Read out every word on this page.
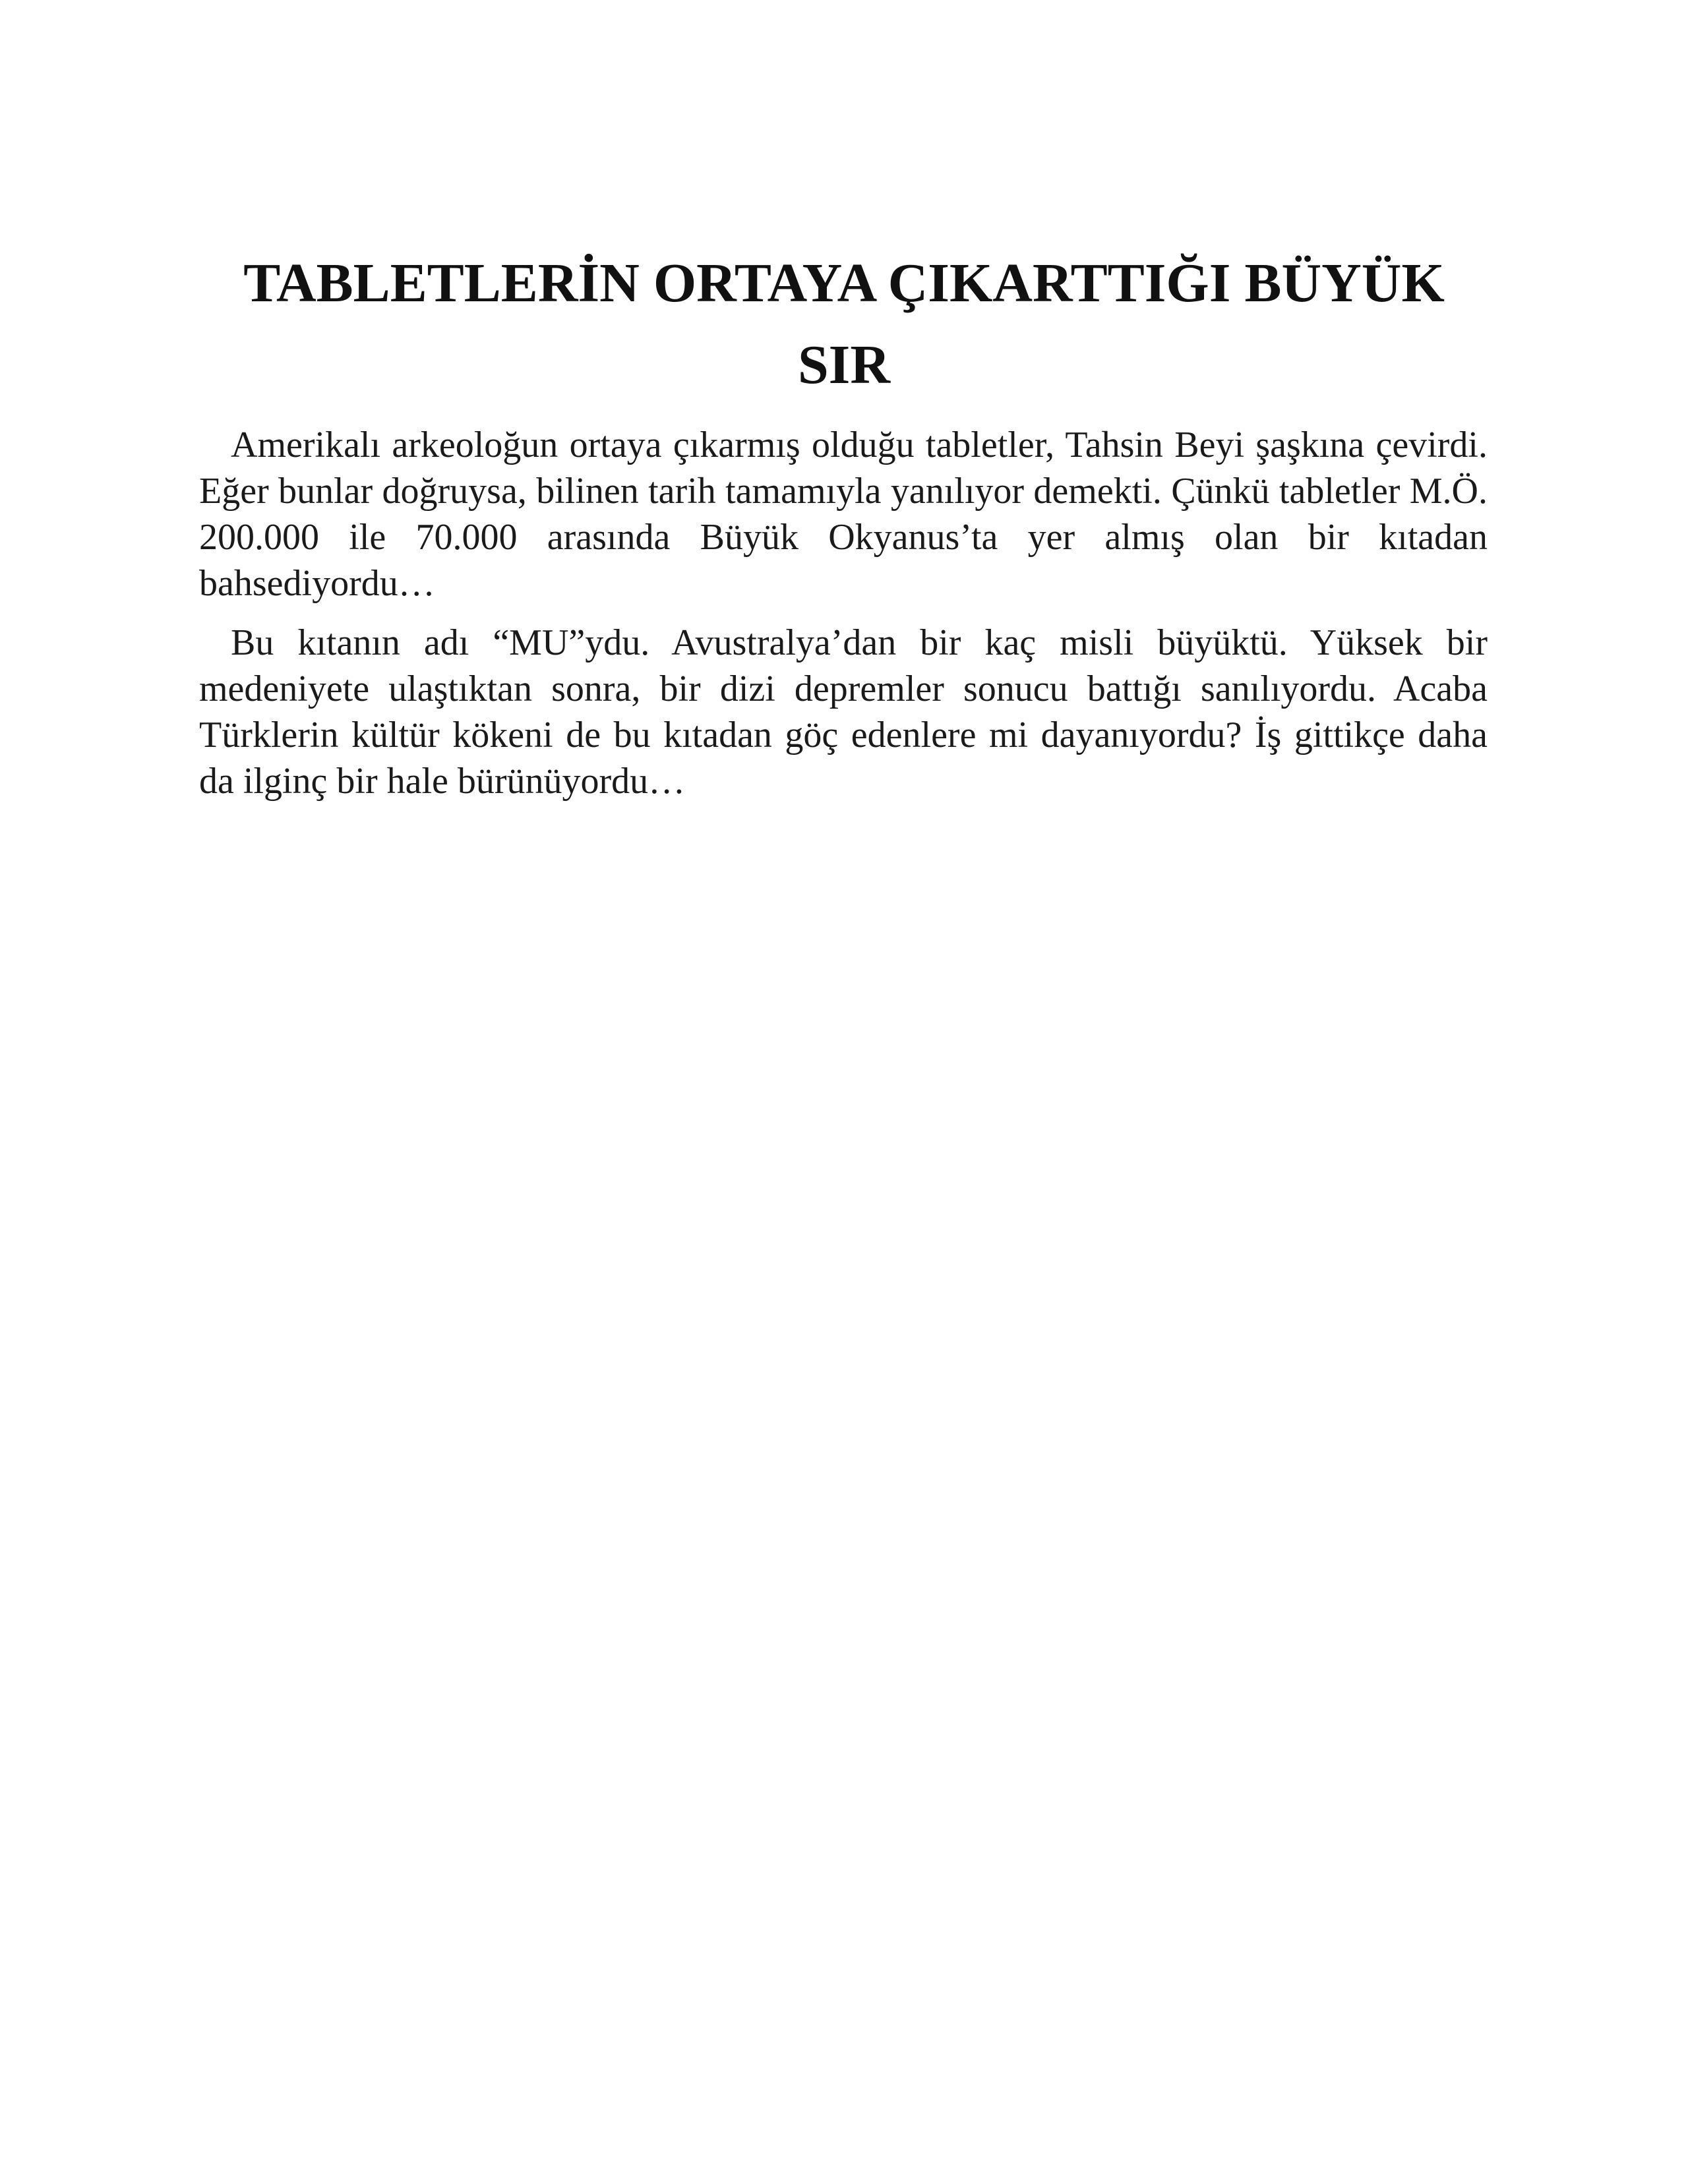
TABLETLERİN ORTAYA ÇIKARTTIĞI BÜYÜK
SIR

Amerikalı arkeoloğun ortaya çıkarmış olduğu tabletler, Tahsin Beyi şaşkına çevirdi. Eğer bunlar doğruysa, bilinen tarih tamamıyla yanılıyor demekti. Çünkü tabletler M.Ö. 200.000 ile 70.000 arasında Büyük Okyanus’ta yer almış olan bir kıtadan bahsediyordu…

Bu kıtanın adı “MU”ydu. Avustralya’dan bir kaç misli büyüktü. Yüksek bir medeniyete ulaştıktan sonra, bir dizi depremler sonucu battığı sanılıyordu. Acaba Türklerin kültür kökeni de bu kıtadan göç edenlere mi dayanıyordu? İş gittikçe daha da ilginç bir hale bürünüyordu…
